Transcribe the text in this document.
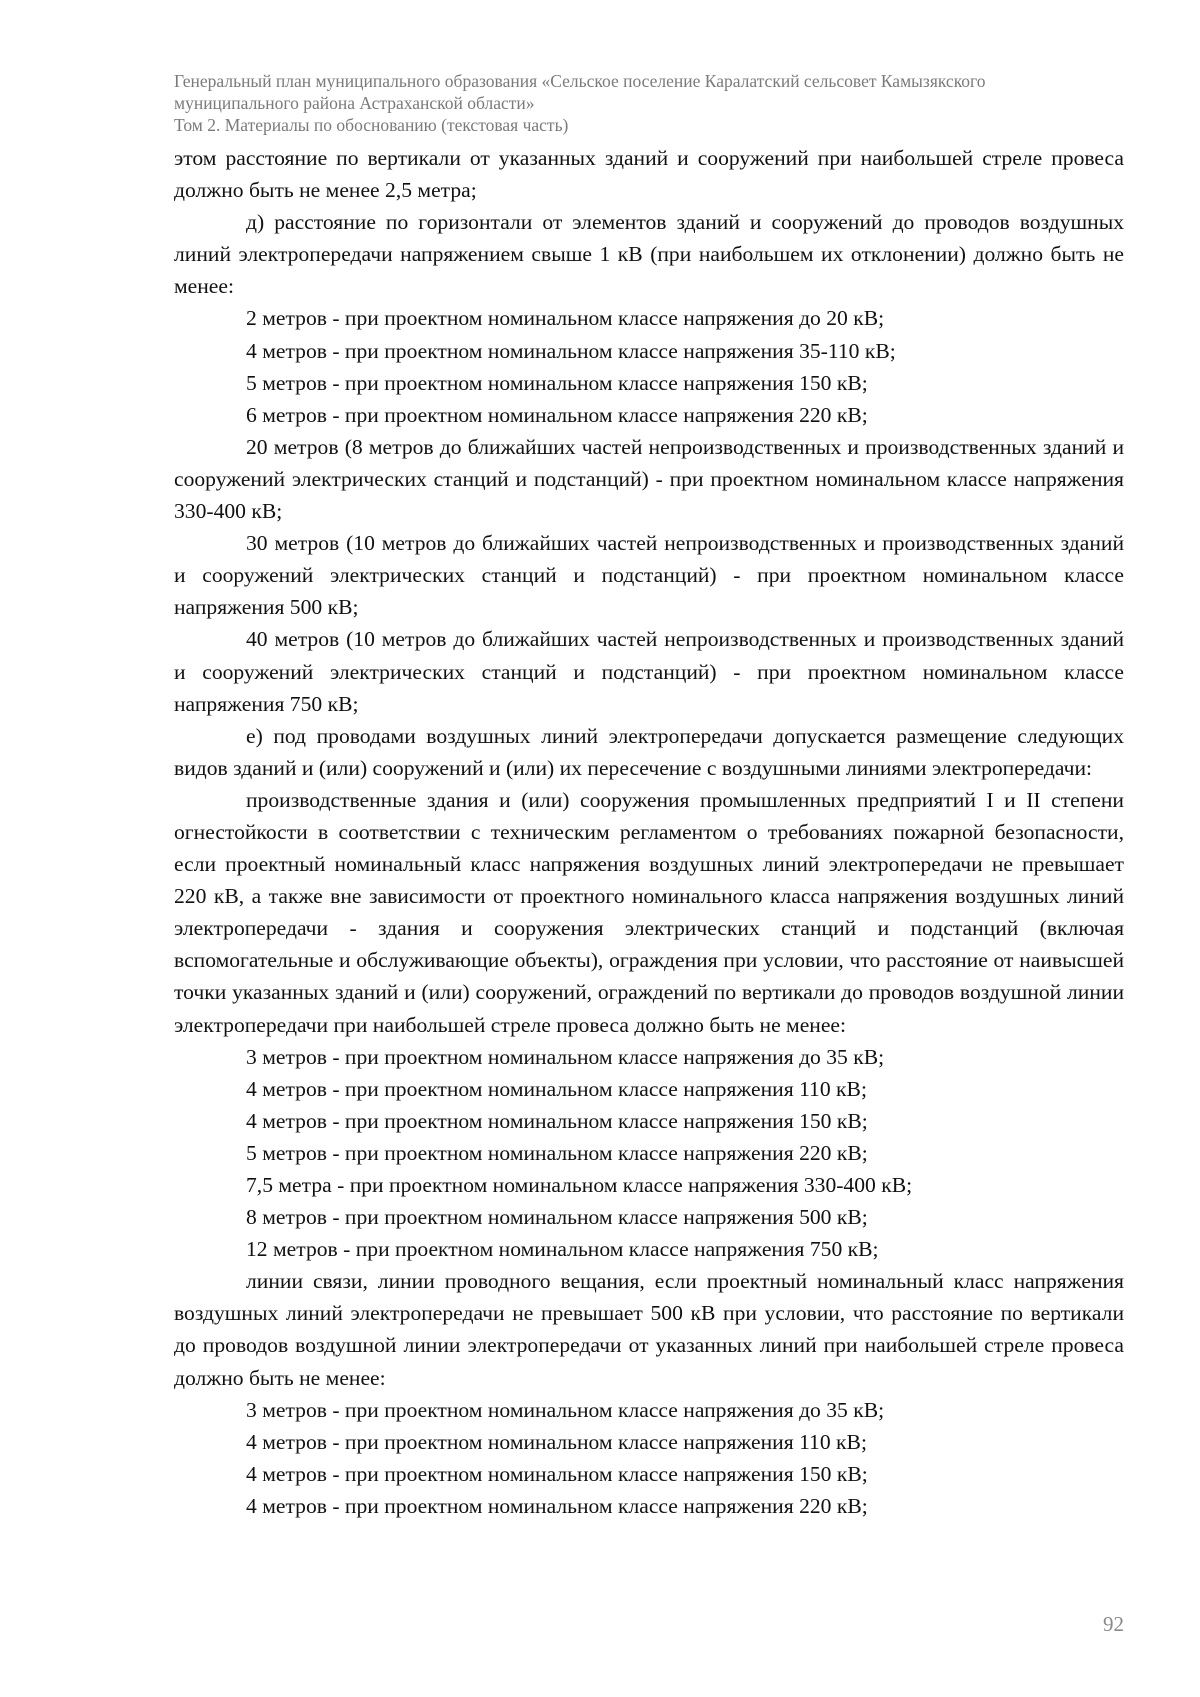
Генеральный план муниципального образования «Сельское поселение Каралатский сельсовет Камызякского
муниципального района Астраханской области»
Том 2. Материалы по обоснованию (текстовая часть)

этом расстояние по вертикали от указанных зданий и сооружений при наибольшей стреле провеса должно быть не менее 2,5 метра;

д) расстояние по горизонтали от элементов зданий и сооружений до проводов воздушных линий электропередачи напряжением свыше 1 кВ (при наибольшем их отклонении) должно быть не менее:

2 метров - при проектном номинальном классе напряжения до 20 кВ;

4 метров - при проектном номинальном классе напряжения 35-110 кВ;

5 метров - при проектном номинальном классе напряжения 150 кВ;

6 метров - при проектном номинальном классе напряжения 220 кВ;

20 метров (8 метров до ближайших частей непроизводственных и производственных зданий и сооружений электрических станций и подстанций) - при проектном номинальном классе напряжения 330-400 кВ;

30 метров (10 метров до ближайших частей непроизводственных и производственных зданий и сооружений электрических станций и подстанций) - при проектном номинальном классе напряжения 500 кВ;

40 метров (10 метров до ближайших частей непроизводственных и производственных зданий и сооружений электрических станций и подстанций) - при проектном номинальном классе напряжения 750 кВ;

е) под проводами воздушных линий электропередачи допускается размещение следующих видов зданий и (или) сооружений и (или) их пересечение с воздушными линиями электропередачи:

производственные здания и (или) сооружения промышленных предприятий I и II степени огнестойкости в соответствии с техническим регламентом о требованиях пожарной безопасности, если проектный номинальный класс напряжения воздушных линий электропередачи не превышает 220 кВ, а также вне зависимости от проектного номинального класса напряжения воздушных линий электропередачи - здания и сооружения электрических станций и подстанций (включая вспомогательные и обслуживающие объекты), ограждения при условии, что расстояние от наивысшей точки указанных зданий и (или) сооружений, ограждений по вертикали до проводов воздушной линии электропередачи при наибольшей стреле провеса должно быть не менее:

3 метров - при проектном номинальном классе напряжения до 35 кВ;

4 метров - при проектном номинальном классе напряжения 110 кВ;

4 метров - при проектном номинальном классе напряжения 150 кВ;

5 метров - при проектном номинальном классе напряжения 220 кВ;

7,5 метра - при проектном номинальном классе напряжения 330-400 кВ;

8 метров - при проектном номинальном классе напряжения 500 кВ;

12 метров - при проектном номинальном классе напряжения 750 кВ;

линии связи, линии проводного вещания, если проектный номинальный класс напряжения воздушных линий электропередачи не превышает 500 кВ при условии, что расстояние по вертикали до проводов воздушной линии электропередачи от указанных линий при наибольшей стреле провеса должно быть не менее:

3 метров - при проектном номинальном классе напряжения до 35 кВ;

4 метров - при проектном номинальном классе напряжения 110 кВ;

4 метров - при проектном номинальном классе напряжения 150 кВ;

4 метров - при проектном номинальном классе напряжения 220 кВ;

92
